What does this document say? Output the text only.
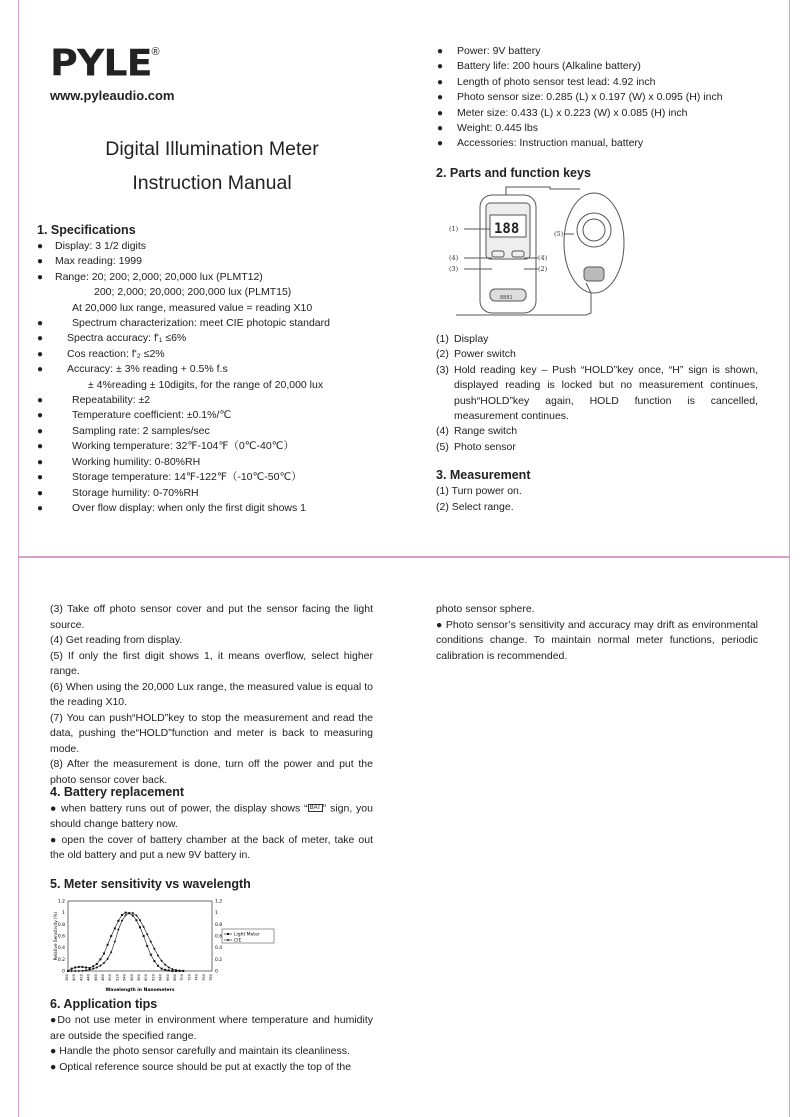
PYLE®
www.pyleaudio.com
Digital Illumination Meter
Instruction Manual
1. Specifications
● Display: 3 1/2 digits
● Max reading: 1999
● Range: 20; 200; 2,000; 20,000 lux (PLMT12)
200; 2,000; 20,000; 200,000 lux (PLMT15)
At 20,000 lux range, measured value = reading X10
● Spectrum characterization: meet CIE photopic standard
● Spectra accuracy: f'₁ ≤6%
● Cos reaction: f'₂ ≤2%
● Accuracy: ± 3% reading + 0.5% f.s
± 4%reading ± 10digits, for the range of 20,000 lux
● Repeatability: ±2
● Temperature coefficient: ±0.1%/℃
● Sampling rate: 2 samples/sec
● Working temperature: 32℉-104℉（0℃-40℃）
● Working humility: 0-80%RH
● Storage temperature: 14℉-122℉（-10℃-50℃）
● Storage humility: 0-70%RH
● Over flow display: when only the first digit shows 1
● Power: 9V battery
● Battery life: 200 hours (Alkaline battery)
● Length of photo sensor test lead: 4.92 inch
● Photo sensor size: 0.285 (L) x 0.197 (W) x 0.095 (H) inch
● Meter size: 0.433 (L) x 0.223 (W) x 0.085 (H) inch
● Weight: 0.445 lbs
● Accessories: Instruction manual, battery
2. Parts and function keys
188
8881
(1)
(4)
(3)
(5)
(4)
(2)
(1) Display
(2) Power switch
(3) Hold reading key – Push “HOLD”key once, “H” sign is shown, displayed reading is locked but no measurement continues, push“HOLD”key again, HOLD function is cancelled, measurement continues.
(4) Range switch
(5) Photo sensor
3. Measurement
(1) Turn power on.
(2) Select range.

(3) Take off photo sensor cover and put the sensor facing the light source.

(4) Get reading from display.

(5) If only the first digit shows 1, it means overflow, select higher range.

(6) When using the 20,000 Lux range, the measured value is equal to the reading X10.

(7) You can push“HOLD”key to stop the measurement and read the data, pushing the“HOLD”function and meter is back to measuring mode.

(8) After the measurement is done, turn off the power and put the photo sensor cover back.

4. Battery replacement

● when battery runs out of power, the display shows “ BAT ” sign, you should change battery now.

● open the cover of battery chamber at the back of meter, take out the old battery and put a new 9V battery in.

5. Meter sensitivity vs wavelength
0	0
0.2	0.2
0.4	0.4
0.6	0.6
0.8	0.8
1	1
1.2	1.2
380 400 420 440 460 480 500 520 540 560 580 600 620 640 660 680 700 720 740 760 780
Wavelength in Nanometers
Relative Sensitivity (%)	Light Meter
CIE
6. Application tips

●Do not use meter in environment where temperature and humidity are outside the specified range.

● Handle the photo sensor carefully and maintain its cleanliness.

● Optical reference source should be put at exactly the top of the

photo sensor sphere.

● Photo sensor’s sensitivity and accuracy may drift as environmental conditions change. To maintain normal meter functions, periodic calibration is recommended.
